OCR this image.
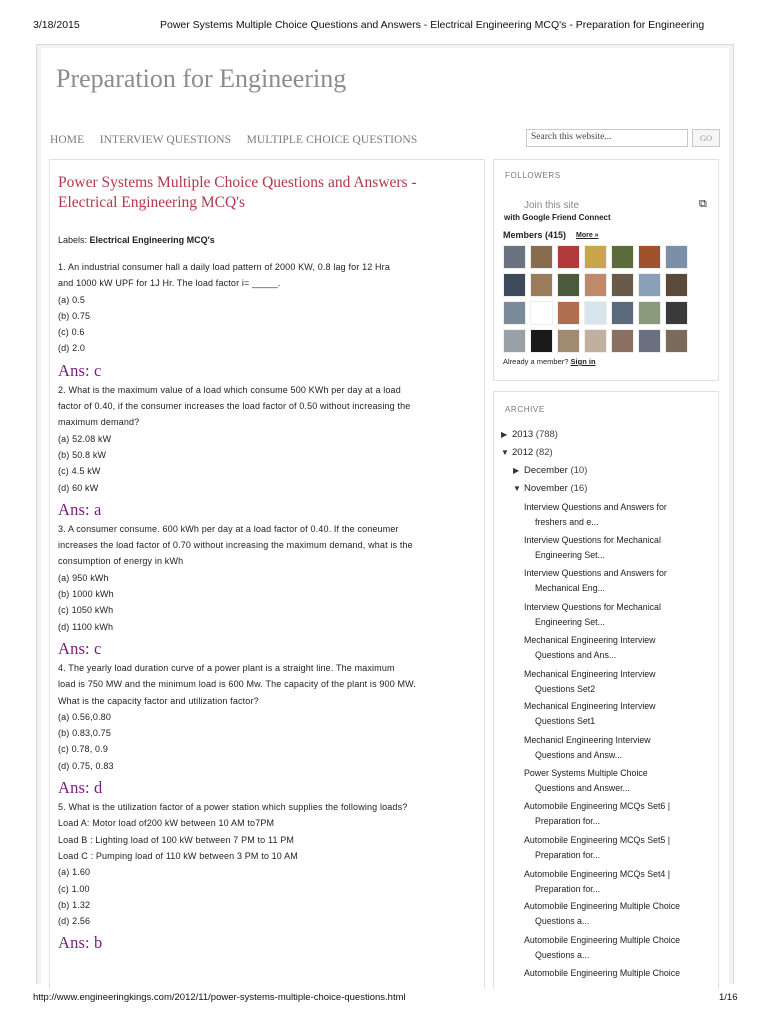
3/18/2015	Power Systems Multiple Choice Questions and Answers - Electrical Engineering MCQ's - Preparation for Engineering
Preparation for Engineering
HOME INTERVIEW QUESTIONS MULTIPLE CHOICE QUESTIONS	Search this website...	GO
Power Systems Multiple Choice Questions and Answers - Electrical Engineering MCQ's
Labels: Electrical Engineering MCQ's
1. An industrial consumer hall a daily load pattern of 2000 KW, 0.8 lag for 12 Hra
and 1000 kW UPF for 1J Hr. The load factor i= _____.
(a) 0.5
(b) 0.75
(c) 0.6
(d) 2.0
Ans: c
2. What is the maximum value of a load which consume 500 KWh per day at a load
factor of 0.40, if the consumer increases the load factor of 0.50 without increasing the
maximum demand?
(a) 52.08 kW
(b) 50.8 kW
(c) 4.5 kW
(d) 60 kW
Ans: a
3. A consumer consume. 600 kWh per day at a load factor of 0.40. If the coneumer
increases the load factor of 0.70 without increasing the maximum demand, what is the
consumption of energy in kWh
(a) 950 kWh
(b) 1000 kWh
(c) 1050 kWh
(d) 1100 kWh
Ans: c
4. The yearly load duration curve of a power plant is a straight line. The maximum
load is 750 MW and the minimum load is 600 Mw. The capacity of the plant is 900 MW.
What is the capacity factor and utilization factor?
(a) 0.56,0.80
(b) 0.83,0.75
(c) 0.78, 0.9
(d) 0.75, 0.83
Ans: d
5. What is the utilization factor of a power station which supplies the following loads?
Load A: Motor load of200 kW between 10 AM to7PM
Load B : Lighting load of 100 kW between 7 PM to 11 PM
Load C : Pumping load of 110 kW between 3 PM to 10 AM
(a) 1.60
(c) 1.00
(b) 1.32
(d) 2.56
Ans: b
FOLLOWERS
Join this site
with Google Friend Connect
⧉
Members (415) More »
Already a member? Sign in
ARCHIVE
▶ 2013 (788)
▼ 2012 (82)
▶ December (10)
▼ November (16)
Interview Questions and Answers for
freshers and e...
Interview Questions for Mechanical
Engineering Set...
Interview Questions and Answers for
Mechanical Eng...
Interview Questions for Mechanical
Engineering Set...
Mechanical Engineering Interview
Questions and Ans...
Mechanical Engineering Interview
Questions Set2
Mechanical Engineering Interview
Questions Set1
Mechanicl Engineering Interview
Questions and Answ...
Power Systems Multiple Choice
Questions and Answer...
Automobile Engineering MCQs Set6 |
Preparation for...
Automobile Engineering MCQs Set5 |
Preparation for...
Automobile Engineering MCQs Set4 |
Preparation for...
Automobile Engineering Multiple Choice
Questions a...
Automobile Engineering Multiple Choice
Questions a...
Automobile Engineering Multiple Choice
http://www.engineeringkings.com/2012/11/power-systems-multiple-choice-questions.html	1/16
